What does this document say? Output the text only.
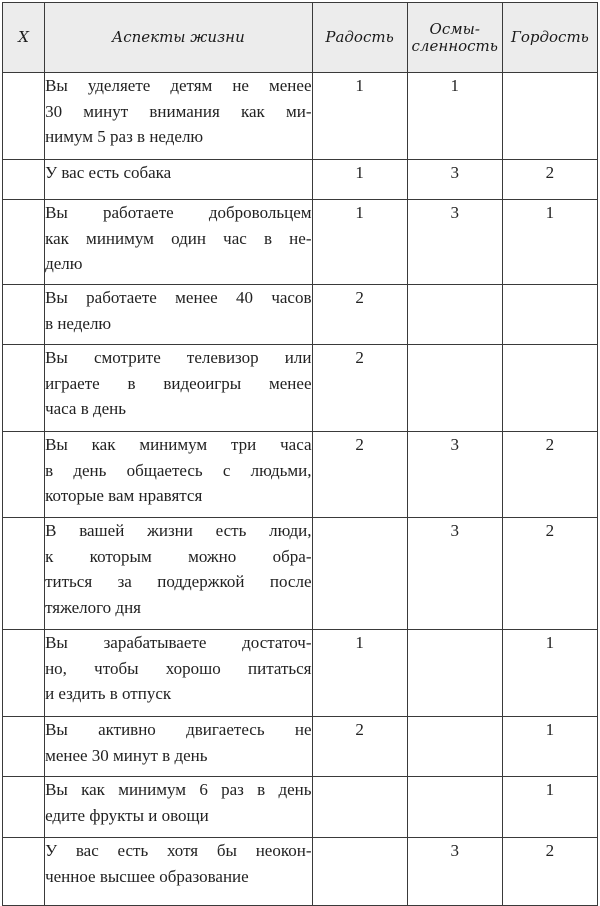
Х	Аспекты жизни	Радость	Осмы-
сленность	Гордость

	Вы уделяете детям не менее
30 минут внимания как ми-
нимум 5 раз в неделю	1	1	

	У вас есть собака	1	3	2

	Вы работаете добровольцем
как минимум один час в не-
делю	1	3	1

	Вы работаете менее 40 часов
в неделю	2		

	Вы смотрите телевизор или
играете в видеоигры менее
часа в день	2		

	Вы как минимум три часа
в день общаетесь с людьми,
которые вам нравятся	2	3	2

	В вашей жизни есть люди,
к которым можно обра-
титься за поддержкой после
тяжелого дня		3	2

	Вы зарабатываете достаточ-
но, чтобы хорошо питаться
и ездить в отпуск	1		1

	Вы активно двигаетесь не
менее 30 минут в день	2		1

	Вы как минимум 6 раз в день
едите фрукты и овощи			1

	У вас есть хотя бы неокон-
ченное высшее образование		3	2
